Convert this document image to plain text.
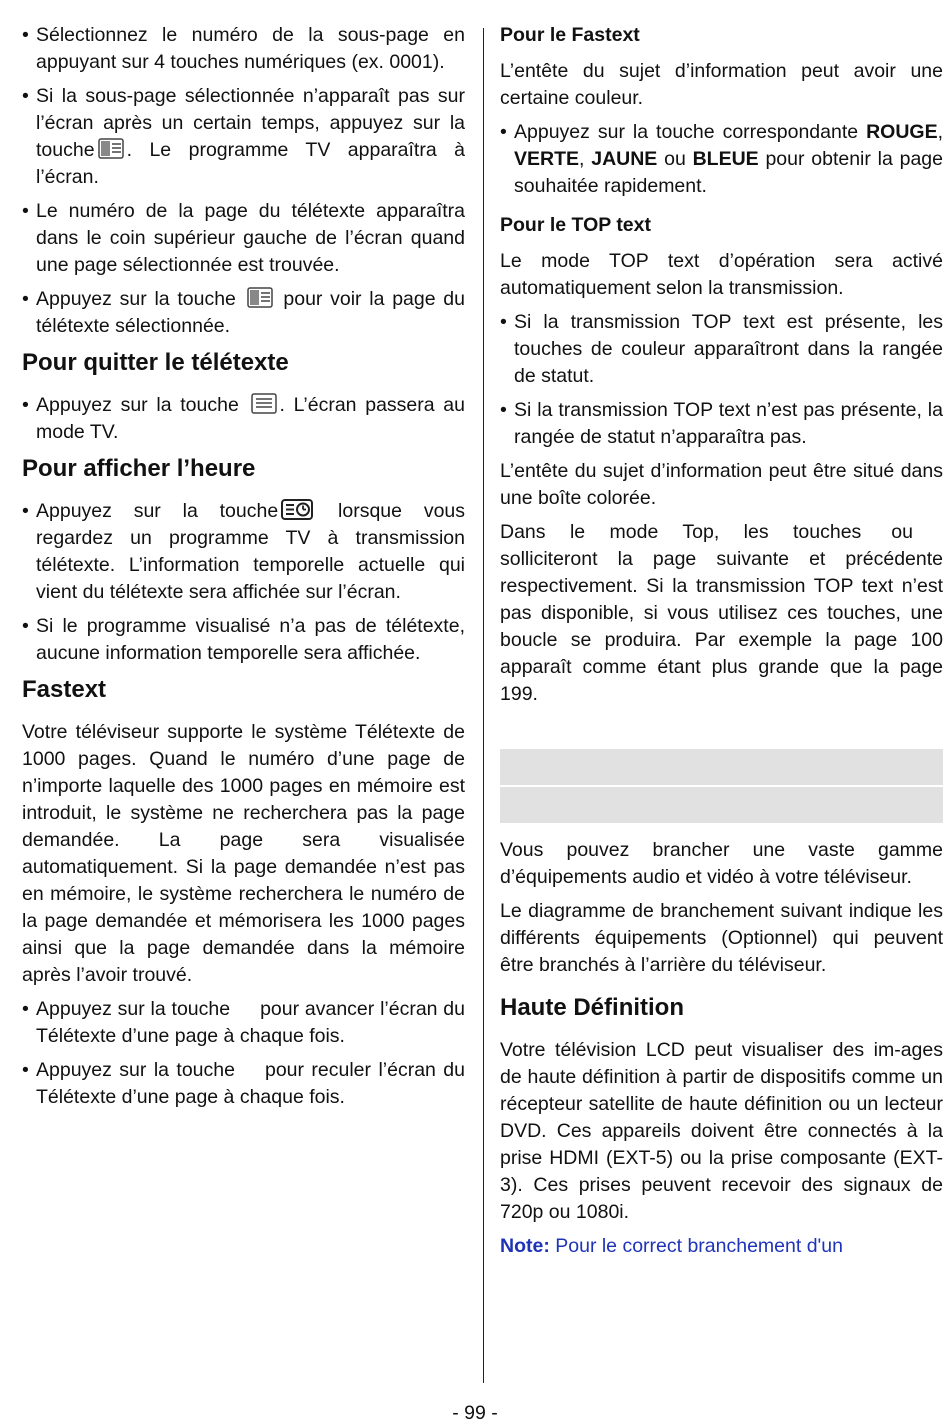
• Sélectionnez le numéro de la sous-page en appuyant sur 4 touches numériques (ex. 0001).
• Si la sous-page sélectionnée n’apparaît pas sur l’écran après un certain temps, appuyez sur la touche . Le programme TV apparaîtra à l’écran.
• Le numéro de la page du télétexte apparaîtra dans le coin supérieur gauche de l’écran quand une page sélectionnée est trouvée.
• Appuyez sur la touche  pour voir la page du télétexte sélectionnée.
Pour quitter le télétexte
• Appuyez sur la touche . L’écran passera au mode TV.
Pour afficher l’heure
• Appuyez sur la touche lorsque vous regardez un programme TV à transmission télétexte. L’information temporelle actuelle qui vient du télétexte sera affichée sur l’écran.
• Si le programme visualisé n’a pas de télétexte, aucune information temporelle sera affichée.
Fastext

Votre téléviseur supporte le système Télétexte de 1000 pages. Quand le numéro d’une page de n’importe laquelle des 1000 pages en mémoire est introduit, le système ne recherchera pas la page demandée. La page sera visualisée automatiquement. Si la page demandée n’est pas en mémoire, le système recherchera le numéro de la page demandée et mémorisera les 1000 pages ainsi que la page demandée dans la mémoire après l’avoir trouvé.

• Appuyez sur la touche pour avancer l’écran du Télétexte d’une page à chaque fois.
• Appuyez sur la touche pour reculer l’écran du Télétexte d’une page à chaque fois.
Pour le Fastext

L’entête du sujet d’information peut avoir une certaine couleur.

• Appuyez sur la touche correspondante ROUGE, VERTE, JAUNE ou BLEUE pour obtenir la page souhaitée rapidement.
Pour le TOP text

Le mode TOP text d’opération sera activé automatiquement selon la transmission.

• Si la transmission TOP text est présente, les touches de couleur apparaîtront dans la rangée de statut.
• Si la transmission TOP text n’est pas présente, la rangée de statut n’apparaîtra pas.

L’entête du sujet d’information peut être situé dans une boîte colorée.

Dans le mode Top, les touches ousolliciteront la page suivante et précédente respectivement. Si la transmission TOP text n’est pas disponible, si vous utilisez ces touches, une boucle se produira. Par exemple la page 100 apparaît comme étant plus grande que la page 199.

Vous pouvez brancher une vaste gamme d’équipements audio et vidéo à votre téléviseur.

Le diagramme de branchement suivant indique les différents équipements (Optionnel) qui peuvent être branchés à l’arrière du téléviseur.

Haute Définition

Votre télévision LCD peut visualiser des im-ages de haute définition à partir de dispositifs comme un récepteur satellite de haute définition ou un lecteur DVD. Ces appareils doivent être connectés à la prise HDMI (EXT-5) ou la prise composante (EXT-3). Ces prises peuvent recevoir des signaux de 720p ou 1080i.

Note: Pour le correct branchement d'un

- 99 -
